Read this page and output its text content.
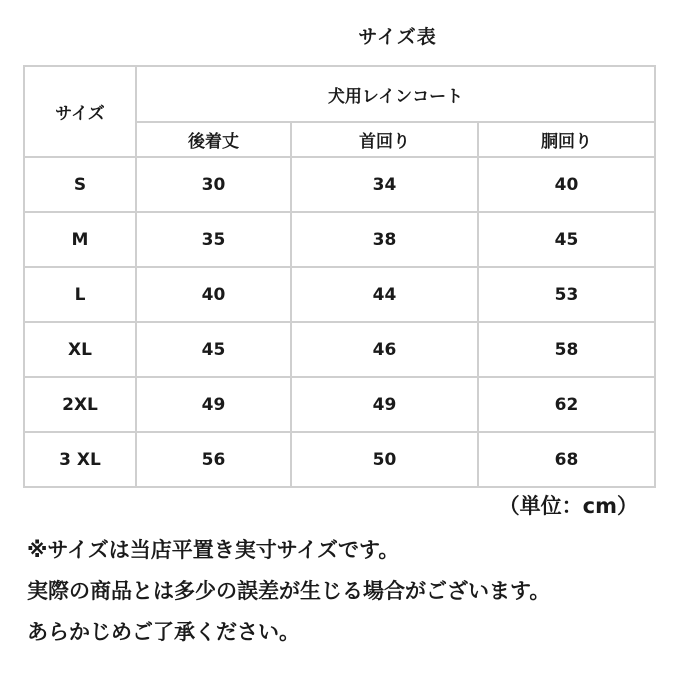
サイズ表
サイズ	犬用レインコート		
	後着丈	首回り	胴回り
S	30	34	40
M	35	38	45
L	40	44	53
XL	45	46	58
2XL	49	49	62
3 XL	56	50	68
（単位：cm）
※サイズは当店平置き実寸サイズです。
実際の商品とは多少の誤差が生じる場合がございます。
あらかじめご了承ください。
